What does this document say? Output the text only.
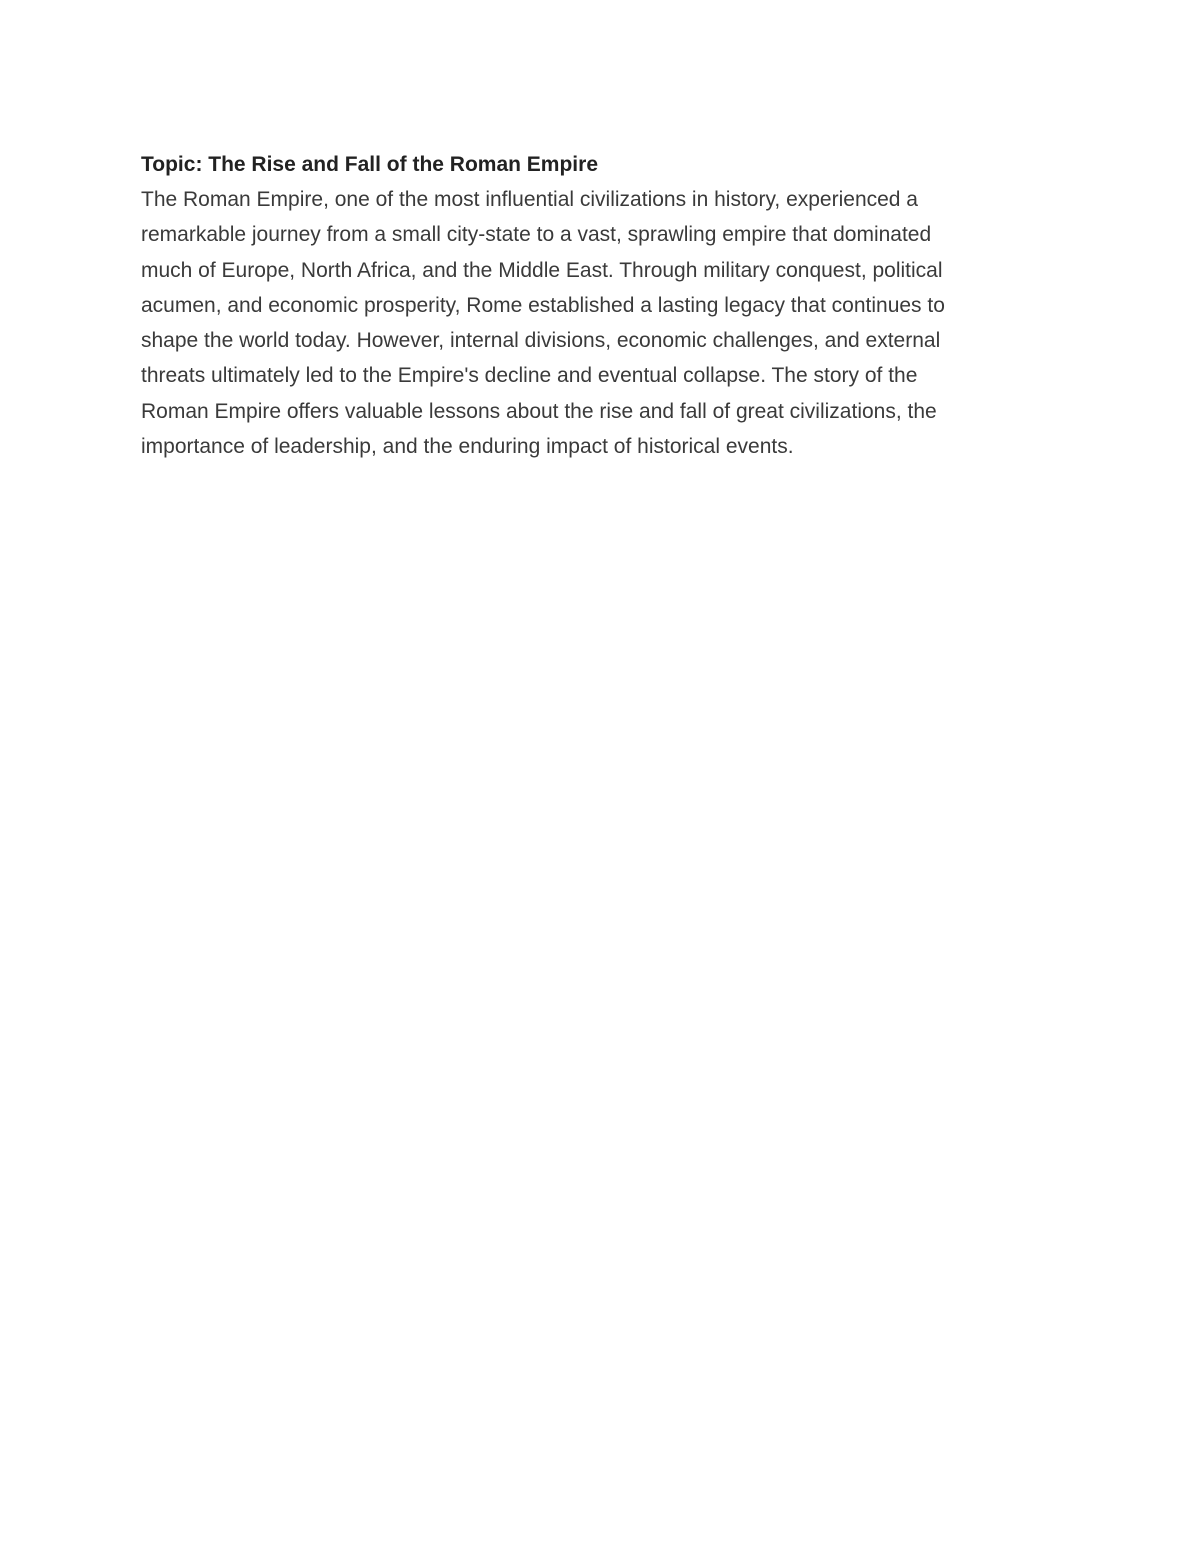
Topic: The Rise and Fall of the Roman Empire

The Roman Empire, one of the most influential civilizations in history, experienced a

remarkable journey from a small city-state to a vast, sprawling empire that dominated

much of Europe, North Africa, and the Middle East. Through military conquest, political

acumen, and economic prosperity, Rome established a lasting legacy that continues to

shape the world today. However, internal divisions, economic challenges, and external

threats ultimately led to the Empire's decline and eventual collapse. The story of the

Roman Empire offers valuable lessons about the rise and fall of great civilizations, the

importance of leadership, and the enduring impact of historical events.
